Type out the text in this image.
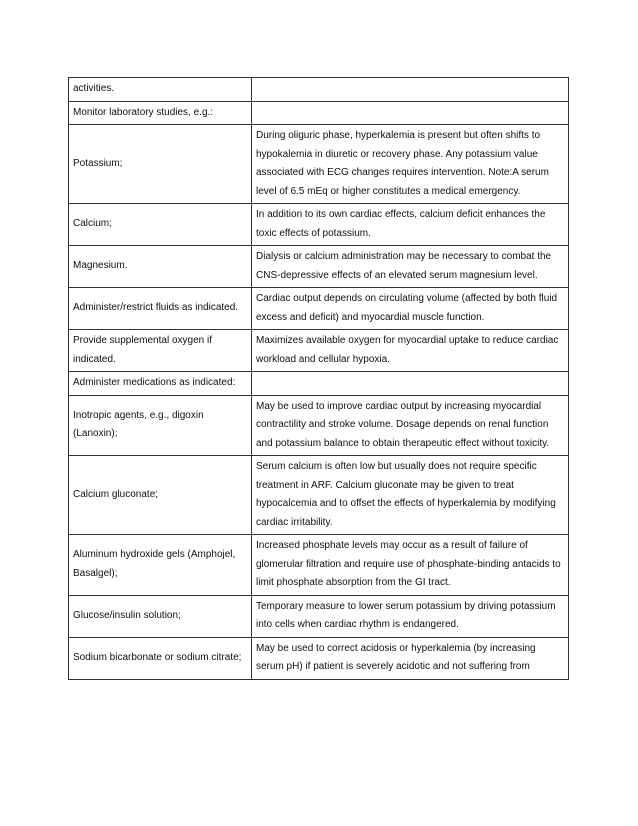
activities.	
Monitor laboratory studies, e.g.:	
Potassium;	During oliguric phase, hyperkalemia is present but often shifts to hypokalemia in diuretic or recovery phase. Any potassium value associated with ECG changes requires intervention. Note:A serum level of 6.5 mEq or higher constitutes a medical emergency.
Calcium;	In addition to its own cardiac effects, calcium deficit enhances the toxic effects of potassium.
Magnesium.	Dialysis or calcium administration may be necessary to combat the CNS-depressive effects of an elevated serum magnesium level.
Administer/restrict fluids as indicated.	Cardiac output depends on circulating volume (affected by both fluid excess and deficit) and myocardial muscle function.
Provide supplemental oxygen if indicated.	Maximizes available oxygen for myocardial uptake to reduce cardiac workload and cellular hypoxia.
Administer medications as indicated:	
Inotropic agents, e.g., digoxin (Lanoxin);	May be used to improve cardiac output by increasing myocardial contractility and stroke volume. Dosage depends on renal function and potassium balance to obtain therapeutic effect without toxicity.
Calcium gluconate;	Serum calcium is often low but usually does not require specific treatment in ARF. Calcium gluconate may be given to treat hypocalcemia and to offset the effects of hyperkalemia by modifying cardiac irritability.
Aluminum hydroxide gels (Amphojel, Basalgel);	Increased phosphate levels may occur as a result of failure of glomerular filtration and require use of phosphate-binding antacids to limit phosphate absorption from the GI tract.
Glucose/insulin solution;	Temporary measure to lower serum potassium by driving potassium into cells when cardiac rhythm is endangered.
Sodium bicarbonate or sodium citrate;	May be used to correct acidosis or hyperkalemia (by increasing serum pH) if patient is severely acidotic and not suffering from
